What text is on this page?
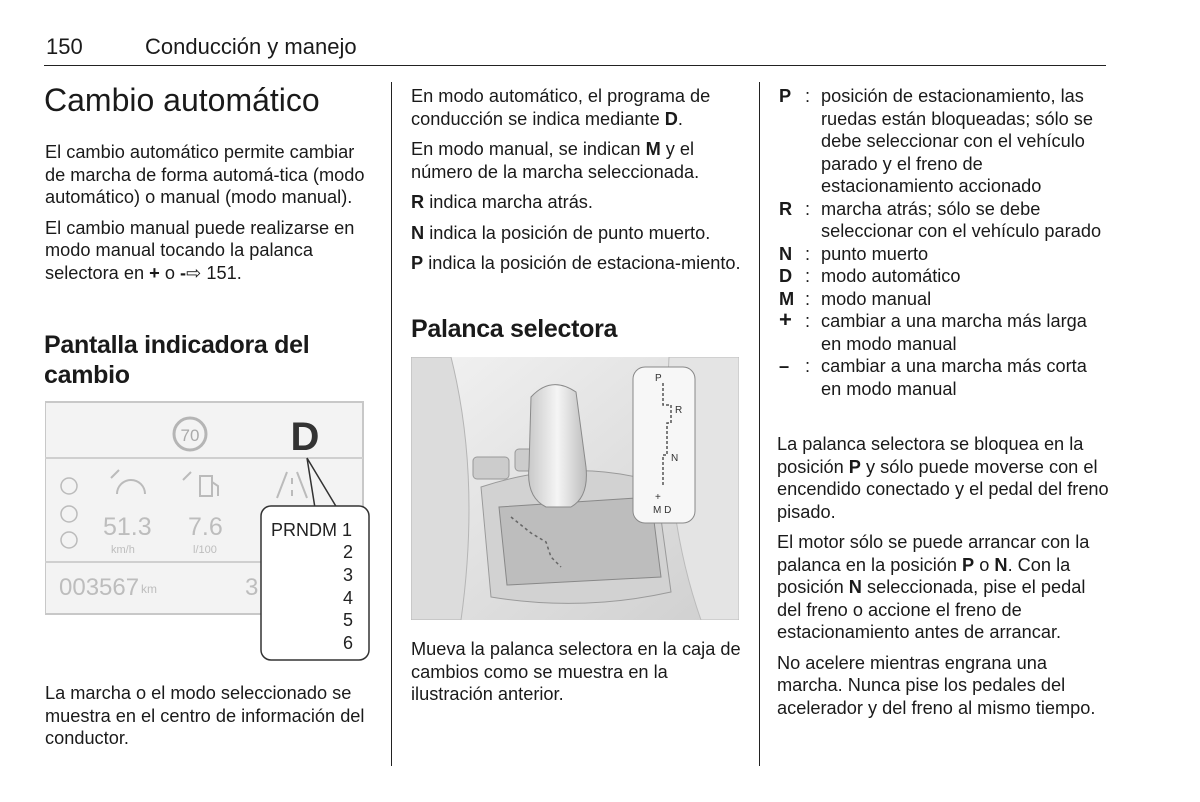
150	Conducción y manejo
Cambio automático

El cambio automático permite cambiar de marcha de forma automá-tica (modo automático) o manual (modo manual).

El cambio manual puede realizarse en modo manual tocando la palanca selectora en + o -⇨ 151.

Pantalla indicadora del cambio
70 D
51.3
km/h
7.6
l/100
003567 km	3
PRNDM 1
2
3
4
5
6
La marcha o el modo seleccionado se muestra en el centro de información del conductor.

En modo automático, el programa de conducción se indica mediante D.

En modo manual, se indican M y el número de la marcha seleccionada.

R indica marcha atrás.

N indica la posición de punto muerto.

P indica la posición de estaciona-miento.

Palanca selectora
P
R
N
+
M D
Mueva la palanca selectora en la caja de cambios como se muestra en la ilustración anterior.
P : posición de estacionamiento, las ruedas están bloqueadas; sólo se debe seleccionar con el vehículo parado y el freno de estacionamiento accionado
R : marcha atrás; sólo se debe seleccionar con el vehículo parado
N : punto muerto
D : modo automático
M : modo manual
+ : cambiar a una marcha más larga en modo manual
– : cambiar a una marcha más corta en modo manual

La palanca selectora se bloquea en la posición P y sólo puede moverse con el encendido conectado y el pedal del freno pisado.

El motor sólo se puede arrancar con la palanca en la posición P o N. Con la posición N seleccionada, pise el pedal del freno o accione el freno de estacionamiento antes de arrancar.

No acelere mientras engrana una marcha. Nunca pise los pedales del acelerador y del freno al mismo tiempo.
